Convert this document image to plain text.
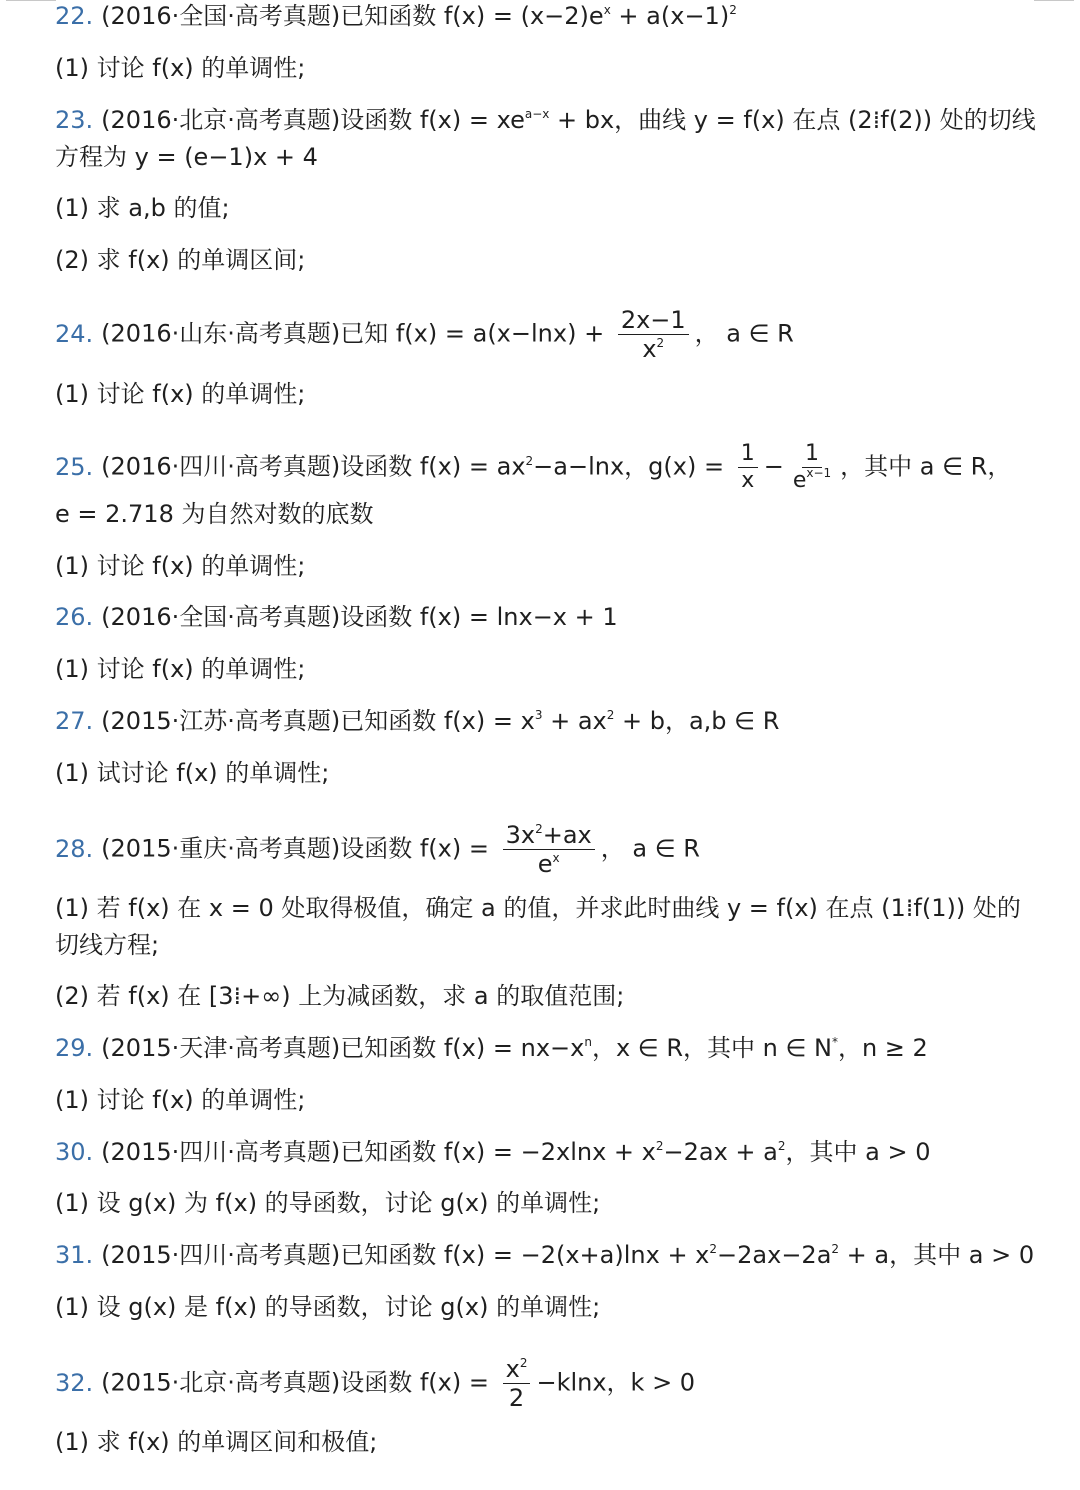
22. (2016·全国·高考真题)已知函数 $f(x) = (x-2)e^x + a(x-1)^2$
(1) 讨论 f(x) 的单调性;
23. (2016·北京·高考真题)设函数 $f(x) = xe^{a-x}$ + bx，曲线 y = f(x) 在点 (2⁞f(2)) 处的切线
方程为 y = (e−1)x + 4
(1) 求 a,b 的值;
(2) 求 f(x) 的单调区间;
24. (2016·山东·高考真题)已知 $f(x) = a(x-\ln x) + \frac{2x-1}{x^2}$ ， a ∈ R
(1) 讨论 f(x) 的单调性;
25. (2016·四川·高考真题)设函数 $f(x) = ax^2-a-\ln x$，$g(x) = \frac{1}{x} - \frac{1}{e^{x-1}}$ ，其中 a ∈ R，
e = 2.718 为自然对数的底数
(1) 讨论 f(x) 的单调性;
26. (2016·全国·高考真题)设函数 f(x) = lnx−x + 1
(1) 讨论 f(x) 的单调性;
27. (2015·江苏·高考真题)已知函数 $f(x) = x^3 + ax^2 + b$，a,b ∈ R
(1) 试讨论 f(x) 的单调性;
28. (2015·重庆·高考真题)设函数 $f(x) = \frac{3x^2+ax}{e^x}$ ， a ∈ R
(1) 若 f(x) 在 x = 0 处取得极值，确定 a 的值，并求此时曲线 y = f(x) 在点 (1⁞f(1)) 处的
切线方程;
(2) 若 f(x) 在 [3⁞+∞) 上为减函数，求 a 的取值范围;
29. (2015·天津·高考真题)已知函数 $f(x) = nx-x^n$，x ∈ R，其中 n ∈ N*，n ≥ 2
(1) 讨论 f(x) 的单调性;
30. (2015·四川·高考真题)已知函数 $f(x) = -2xlnx + x^2-2ax + a^2$，其中 a > 0
(1) 设 g(x) 为 f(x) 的导函数，讨论 g(x) 的单调性;
31. (2015·四川·高考真题)已知函数 $f(x) = -2(x+a)\ln x + x^2-2ax-2a^2 + a$，其中 a > 0
(1) 设 g(x) 是 f(x) 的导函数，讨论 g(x) 的单调性;
32. (2015·北京·高考真题)设函数 $f(x) = \frac{x^2}{2} -klnx$，k > 0
(1) 求 f(x) 的单调区间和极值;
